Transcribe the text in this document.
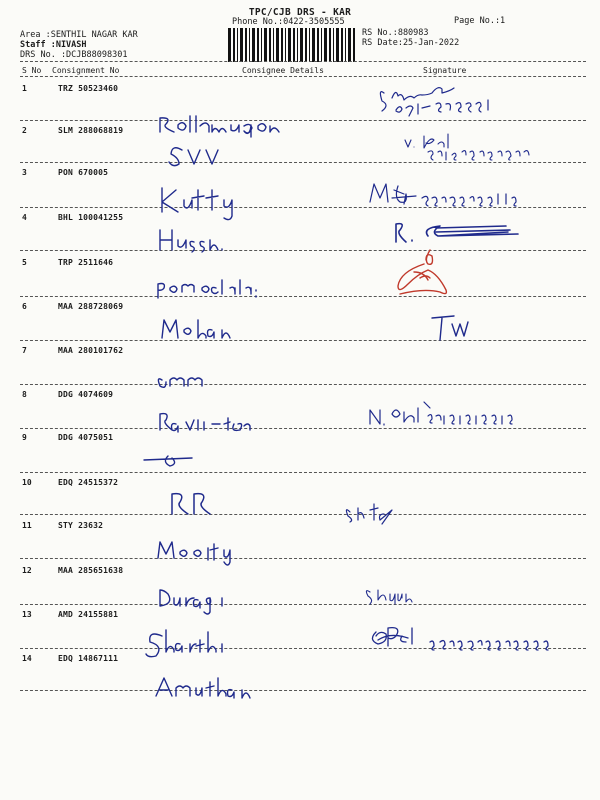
TPC/CJB DRS - KAR
Phone No.:0422-3505555	Page No.:1
Area :SENTHIL NAGAR KAR
Staff :NIVASH
DRS No. :DCJB88098301
RS No.:880983
RS Date:25-Jan-2022
S No Consignment No	Consignee Details	Signature
1	TRZ 50523460
2	SLM 288068819
3	PON 670005
4	BHL 100041255
5	TRP 2511646
6	MAA 288728069
7	MAA 280101762
8	DDG 4074609
9	DDG 4075051
10	EDQ 24515372
11	STY 23632
12	MAA 285651638
13	AMD 24155881
14	EDQ 14867111
